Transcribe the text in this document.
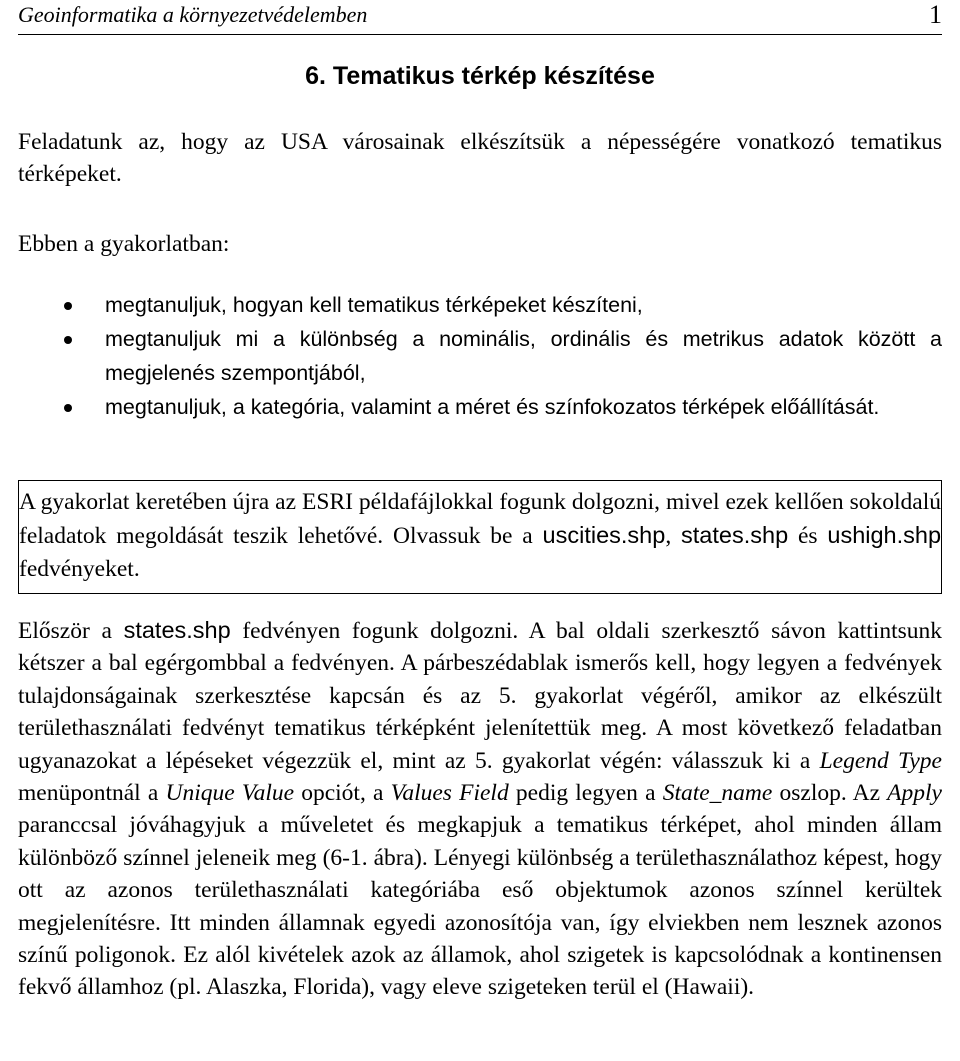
Geoinformatika a környezetvédelemben	1
6. Tematikus térkép készítése
Feladatunk az, hogy az USA városainak elkészítsük a népességére vonatkozó tematikus térképeket.
Ebben a gyakorlatban:
megtanuljuk, hogyan kell tematikus térképeket készíteni,
megtanuljuk mi a különbség a nominális, ordinális és metrikus adatok között a megjelenés szempontjából,
megtanuljuk, a kategória, valamint a méret és színfokozatos térképek előállítását.
A gyakorlat keretében újra az ESRI példafájlokkal fogunk dolgozni, mivel ezek kellően sokoldalú feladatok megoldását teszik lehetővé. Olvassuk be a uscities.shp, states.shp és ushigh.shp fedvényeket.
Először a states.shp fedvényen fogunk dolgozni. A bal oldali szerkesztő sávon kattintsunk kétszer a bal egérgombbal a fedvényen. A párbeszédablak ismerős kell, hogy legyen a fedvények tulajdonságainak szerkesztése kapcsán és az 5. gyakorlat végéről, amikor az elkészült területhasználati fedvényt tematikus térképként jelenítettük meg. A most következő feladatban ugyanazokat a lépéseket végezzük el, mint az 5. gyakorlat végén: válasszuk ki a Legend Type menüpontnál a Unique Value opciót, a Values Field pedig legyen a State_name oszlop. Az Apply paranccsal jóváhagyjuk a műveletet és megkapjuk a tematikus térképet, ahol minden állam különböző színnel jeleneik meg (6-1. ábra). Lényegi különbség a területhasználathoz képest, hogy ott az azonos területhasználati kategóriába eső objektumok azonos színnel kerültek megjelenítésre. Itt minden államnak egyedi azonosítója van, így elviekben nem lesznek azonos színű poligonok. Ez alól kivételek azok az államok, ahol szigetek is kapcsolódnak a kontinensen fekvő államhoz (pl. Alaszka, Florida), vagy eleve szigeteken terül el (Hawaii).
